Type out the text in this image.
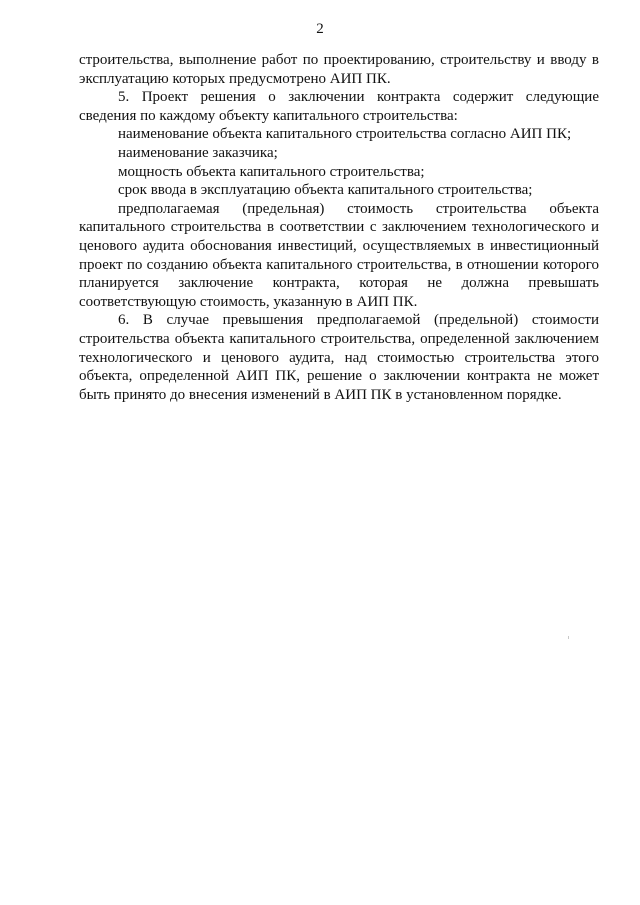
2

строительства, выполнение работ по проектированию, строительству и вводу в эксплуатацию которых предусмотрено АИП ПК.

5. Проект решения о заключении контракта содержит следующие сведения по каждому объекту капитального строительства:

наименование объекта капитального строительства согласно АИП ПК;

наименование заказчика;

мощность объекта капитального строительства;

срок ввода в эксплуатацию объекта капитального строительства;

предполагаемая (предельная) стоимость строительства объекта капитального строительства в соответствии с заключением технологического и ценового аудита обоснования инвестиций, осуществляемых в инвестиционный проект по созданию объекта капитального строительства, в отношении которого планируется заключение контракта, которая не должна превышать соответствующую стоимость, указанную в АИП ПК.

6. В случае превышения предполагаемой (предельной) стоимости строительства объекта капитального строительства, определенной заключением технологического и ценового аудита, над стоимостью строительства этого объекта, определенной АИП ПК, решение о заключении контракта не может быть принято до внесения изменений в АИП ПК в установленном порядке.
